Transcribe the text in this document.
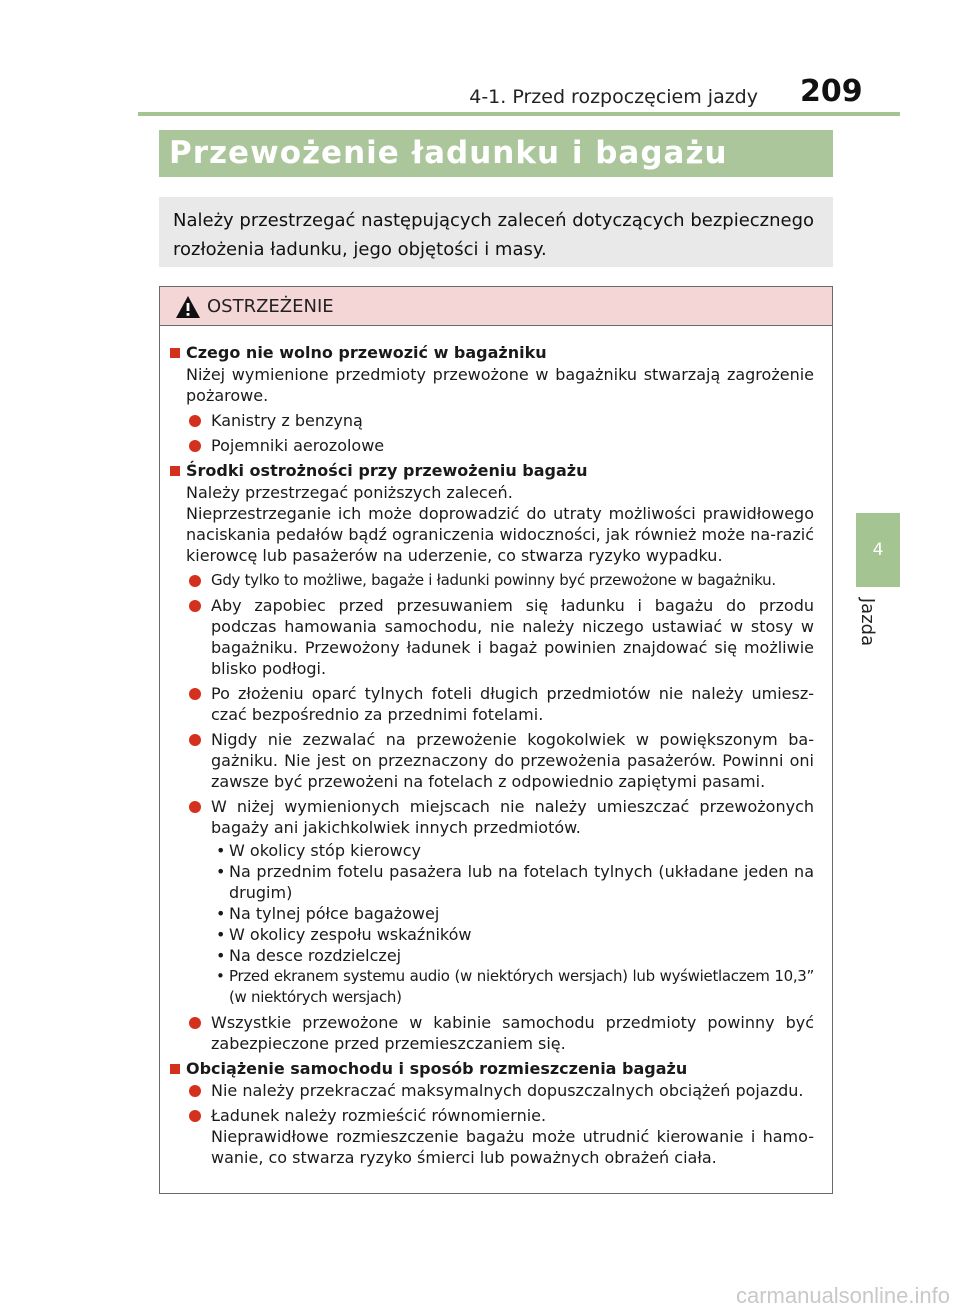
4-1. Przed rozpoczęciem jazdy 209
Przewożenie ładunku i bagażu
Należy przestrzegać następujących zaleceń dotyczących bezpiecznego rozłożenia ładunku, jego objętości i masy.
4
Jazda
OSTRZEŻENIE
Czego nie wolno przewozić w bagażniku
Niżej wymienione przedmioty przewożone w bagażniku stwarzają zagrożenie pożarowe.
Kanistry z benzyną
Pojemniki aerozolowe
Środki ostrożności przy przewożeniu bagażu
Należy przestrzegać poniższych zaleceń.
Nieprzestrzeganie ich może doprowadzić do utraty możliwości prawidłowego naciskania pedałów bądź ograniczenia widoczności, jak również może na-razić kierowcę lub pasażerów na uderzenie, co stwarza ryzyko wypadku.
Gdy tylko to możliwe, bagaże i ładunki powinny być przewożone w bagażniku.
Aby zapobiec przed przesuwaniem się ładunku i bagażu do przodu podczas hamowania samochodu, nie należy niczego ustawiać w stosy w bagażniku. Przewożony ładunek i bagaż powinien znajdować się możliwie blisko podłogi.
Po złożeniu oparć tylnych foteli długich przedmiotów nie należy umiesz-czać bezpośrednio za przednimi fotelami.
Nigdy nie zezwalać na przewożenie kogokolwiek w powiększonym ba-gażniku. Nie jest on przeznaczony do przewożenia pasażerów. Powinni oni zawsze być przewożeni na fotelach z odpowiednio zapiętymi pasami.
W niżej wymienionych miejscach nie należy umieszczać przewożonych bagaży ani jakichkolwiek innych przedmiotów.
• W okolicy stóp kierowcy
• Na przednim fotelu pasażera lub na fotelach tylnych (układane jeden na drugim)
• Na tylnej półce bagażowej
• W okolicy zespołu wskaźników
• Na desce rozdzielczej
• Przed ekranem systemu audio (w niektórych wersjach) lub wyświetlaczem 10,3” (w niektórych wersjach)
Wszystkie przewożone w kabinie samochodu przedmioty powinny być zabezpieczone przed przemieszczaniem się.
Obciążenie samochodu i sposób rozmieszczenia bagażu
Nie należy przekraczać maksymalnych dopuszczalnych obciążeń pojazdu.
Ładunek należy rozmieścić równomiernie.
Nieprawidłowe rozmieszczenie bagażu może utrudnić kierowanie i hamo-wanie, co stwarza ryzyko śmierci lub poważnych obrażeń ciała.
carmanualsonline.info
